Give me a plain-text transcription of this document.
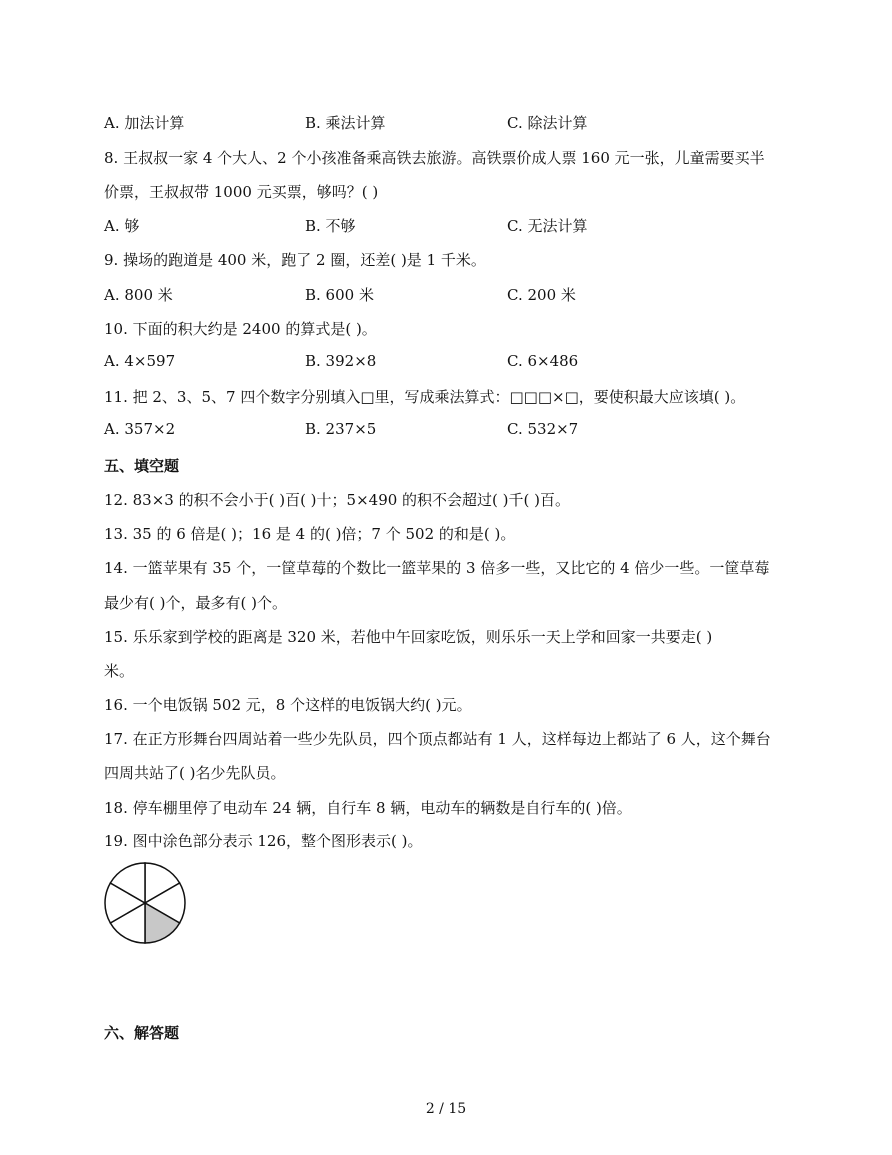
A. 加法计算	B. 乘法计算	C. 除法计算
8. 王叔叔一家 4 个大人、2 个小孩准备乘高铁去旅游。高铁票价成人票 160 元一张，儿童需要买半
价票，王叔叔带 1000 元买票，够吗？( )
A. 够	B. 不够	C. 无法计算
9. 操场的跑道是 400 米，跑了 2 圈，还差( )是 1 千米。
A. 800 米	B. 600 米	C. 200 米
10. 下面的积大约是 2400 的算式是( )。
A. 4×597	B. 392×8	C. 6×486
11. 把 2、3、5、7 四个数字分别填入□里，写成乘法算式：□□□×□，要使积最大应该填( )。
A. 357×2	B. 237×5	C. 532×7
五、填空题
12. 83×3 的积不会小于( )百( )十；5×490 的积不会超过( )千( )百。
13. 35 的 6 倍是( )；16 是 4 的( )倍；7 个 502 的和是( )。
14. 一篮苹果有 35 个，一筐草莓的个数比一篮苹果的 3 倍多一些，又比它的 4 倍少一些。一筐草莓
最少有( )个，最多有( )个。
15. 乐乐家到学校的距离是 320 米，若他中午回家吃饭，则乐乐一天上学和回家一共要走( )
米。
16. 一个电饭锅 502 元，8 个这样的电饭锅大约( )元。
17. 在正方形舞台四周站着一些少先队员，四个顶点都站有 1 人，这样每边上都站了 6 人，这个舞台
四周共站了( )名少先队员。
18. 停车棚里停了电动车 24 辆，自行车 8 辆，电动车的辆数是自行车的( )倍。
19. 图中涂色部分表示 126，整个图形表示( )。
六、解答题
2 / 15
